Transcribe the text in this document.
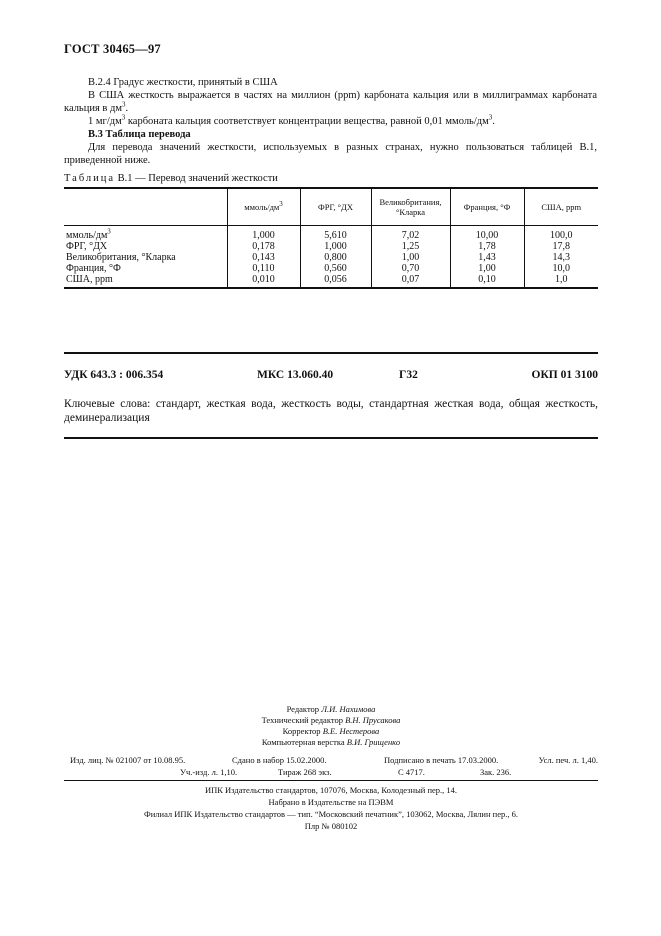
ГОСТ 30465—97

В.2.4 Градус жесткости, принятый в США

В США жесткость выражается в частях на миллион (ppm) карбоната кальция или в миллиграммах карбоната кальция в $дм^3$.

1 $мг/дм^3$ карбоната кальция соответствует концентрации вещества, равной 0,01 ммоль/$дм^3$.

В.3 Таблица перевода

Для перевода значений жесткости, используемых в разных странах, нужно пользоваться таблицей В.1, приведенной ниже.

Таблица В.1 — Перевод значений жесткости
	ммоль/$дм^3$	ФРГ, °ДХ	Великобритания, °Кларка	Франция, °Ф	США, ppm
ммоль/$дм^3$	1,000	5,610	7,02	10,00	100,0
ФРГ, °ДХ	0,178	1,000	1,25	1,78	17,8
Великобритания, °Кларка	0,143	0,800	1,00	1,43	14,3
Франция, °Ф	0,110	0,560	0,70	1,00	10,0
США, ppm	0,010	0,056	0,07	0,10	1,0
УДК 643.3 : 006.354	МКС 13.060.40	Г32	ОКП 01 3100

Ключевые слова: стандарт, жесткая вода, жесткость воды, стандартная жесткая вода, общая жесткость, деминерализация

Редактор Л.И. Нахимова
Технический редактор В.Н. Прусакова
Корректор В.Е. Нестерова
Компьютерная верстка В.И. Грищенко
Изд. лиц. № 021007 от 10.08.95.	Сдано в набор 15.02.2000.	Подписано в печать 17.03.2000.	Усл. печ. л. 1,40.
Уч.-изд. л. 1,10.	Тираж 268 экз.	С 4717.	Зак. 236.
ИПК Издательство стандартов, 107076, Москва, Колодезный пер., 14.
Набрано в Издательстве на ПЭВМ
Филиал ИПК Издательство стандартов — тип. “Московский печатник”, 103062, Москва, Лялин пер., 6.
Плр № 080102
